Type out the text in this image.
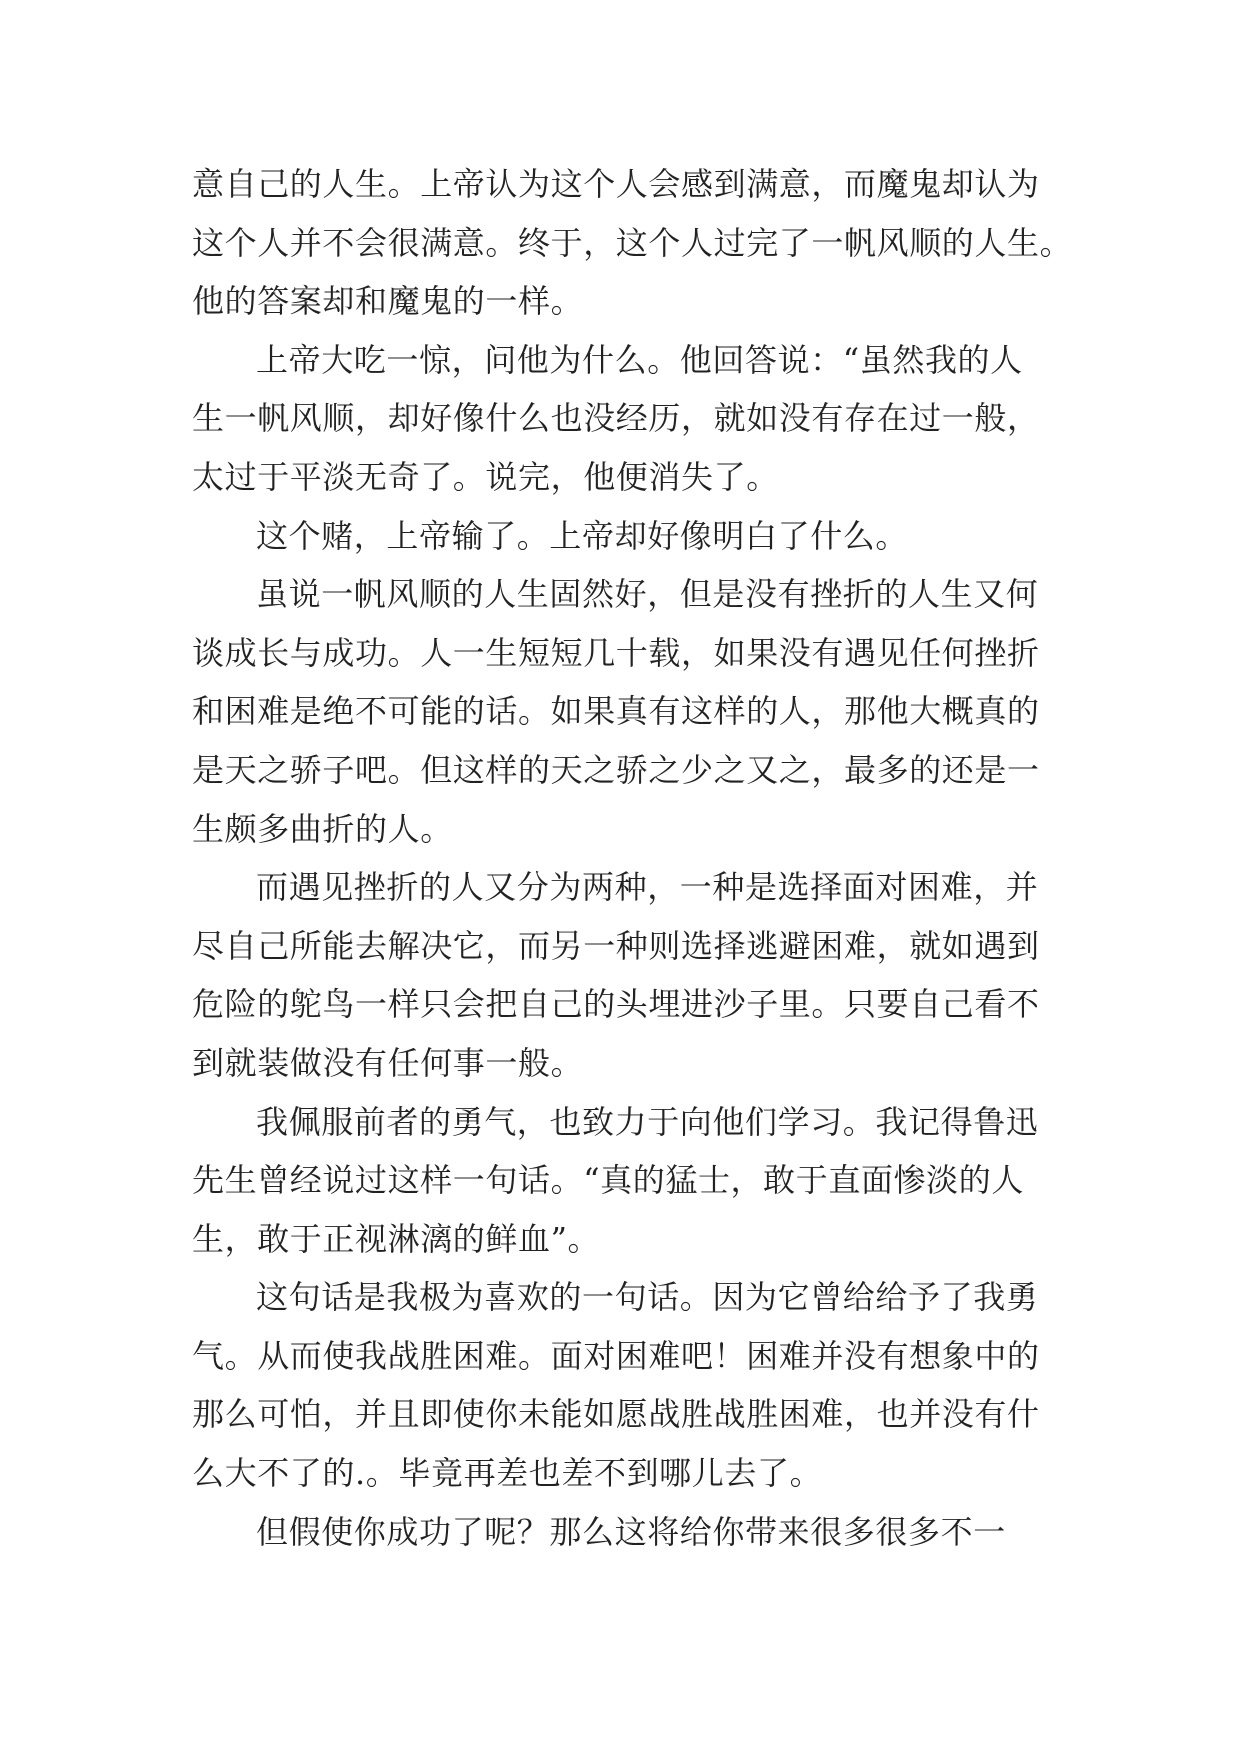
意自己的人生。上帝认为这个人会感到满意，而魔鬼却认为
这个人并不会很满意。终于，这个人过完了一帆风顺的人生。
他的答案却和魔鬼的一样。
上帝大吃一惊，问他为什么。他回答说：“虽然我的人
生一帆风顺，却好像什么也没经历，就如没有存在过一般，
太过于平淡无奇了。说完，他便消失了。
这个赌，上帝输了。上帝却好像明白了什么。
虽说一帆风顺的人生固然好，但是没有挫折的人生又何
谈成长与成功。人一生短短几十载，如果没有遇见任何挫折
和困难是绝不可能的话。如果真有这样的人，那他大概真的
是天之骄子吧。但这样的天之骄之少之又之，最多的还是一
生颇多曲折的人。
而遇见挫折的人又分为两种，一种是选择面对困难，并
尽自己所能去解决它，而另一种则选择逃避困难，就如遇到
危险的鸵鸟一样只会把自己的头埋进沙子里。只要自己看不
到就装做没有任何事一般。
我佩服前者的勇气，也致力于向他们学习。我记得鲁迅
先生曾经说过这样一句话。“真的猛士，敢于直面惨淡的人
生，敢于正视淋漓的鲜血”。
这句话是我极为喜欢的一句话。因为它曾给给予了我勇
气。从而使我战胜困难。面对困难吧！困难并没有想象中的
那么可怕，并且即使你未能如愿战胜战胜困难，也并没有什
么大不了的.。毕竟再差也差不到哪儿去了。
但假使你成功了呢？那么这将给你带来很多很多不一
